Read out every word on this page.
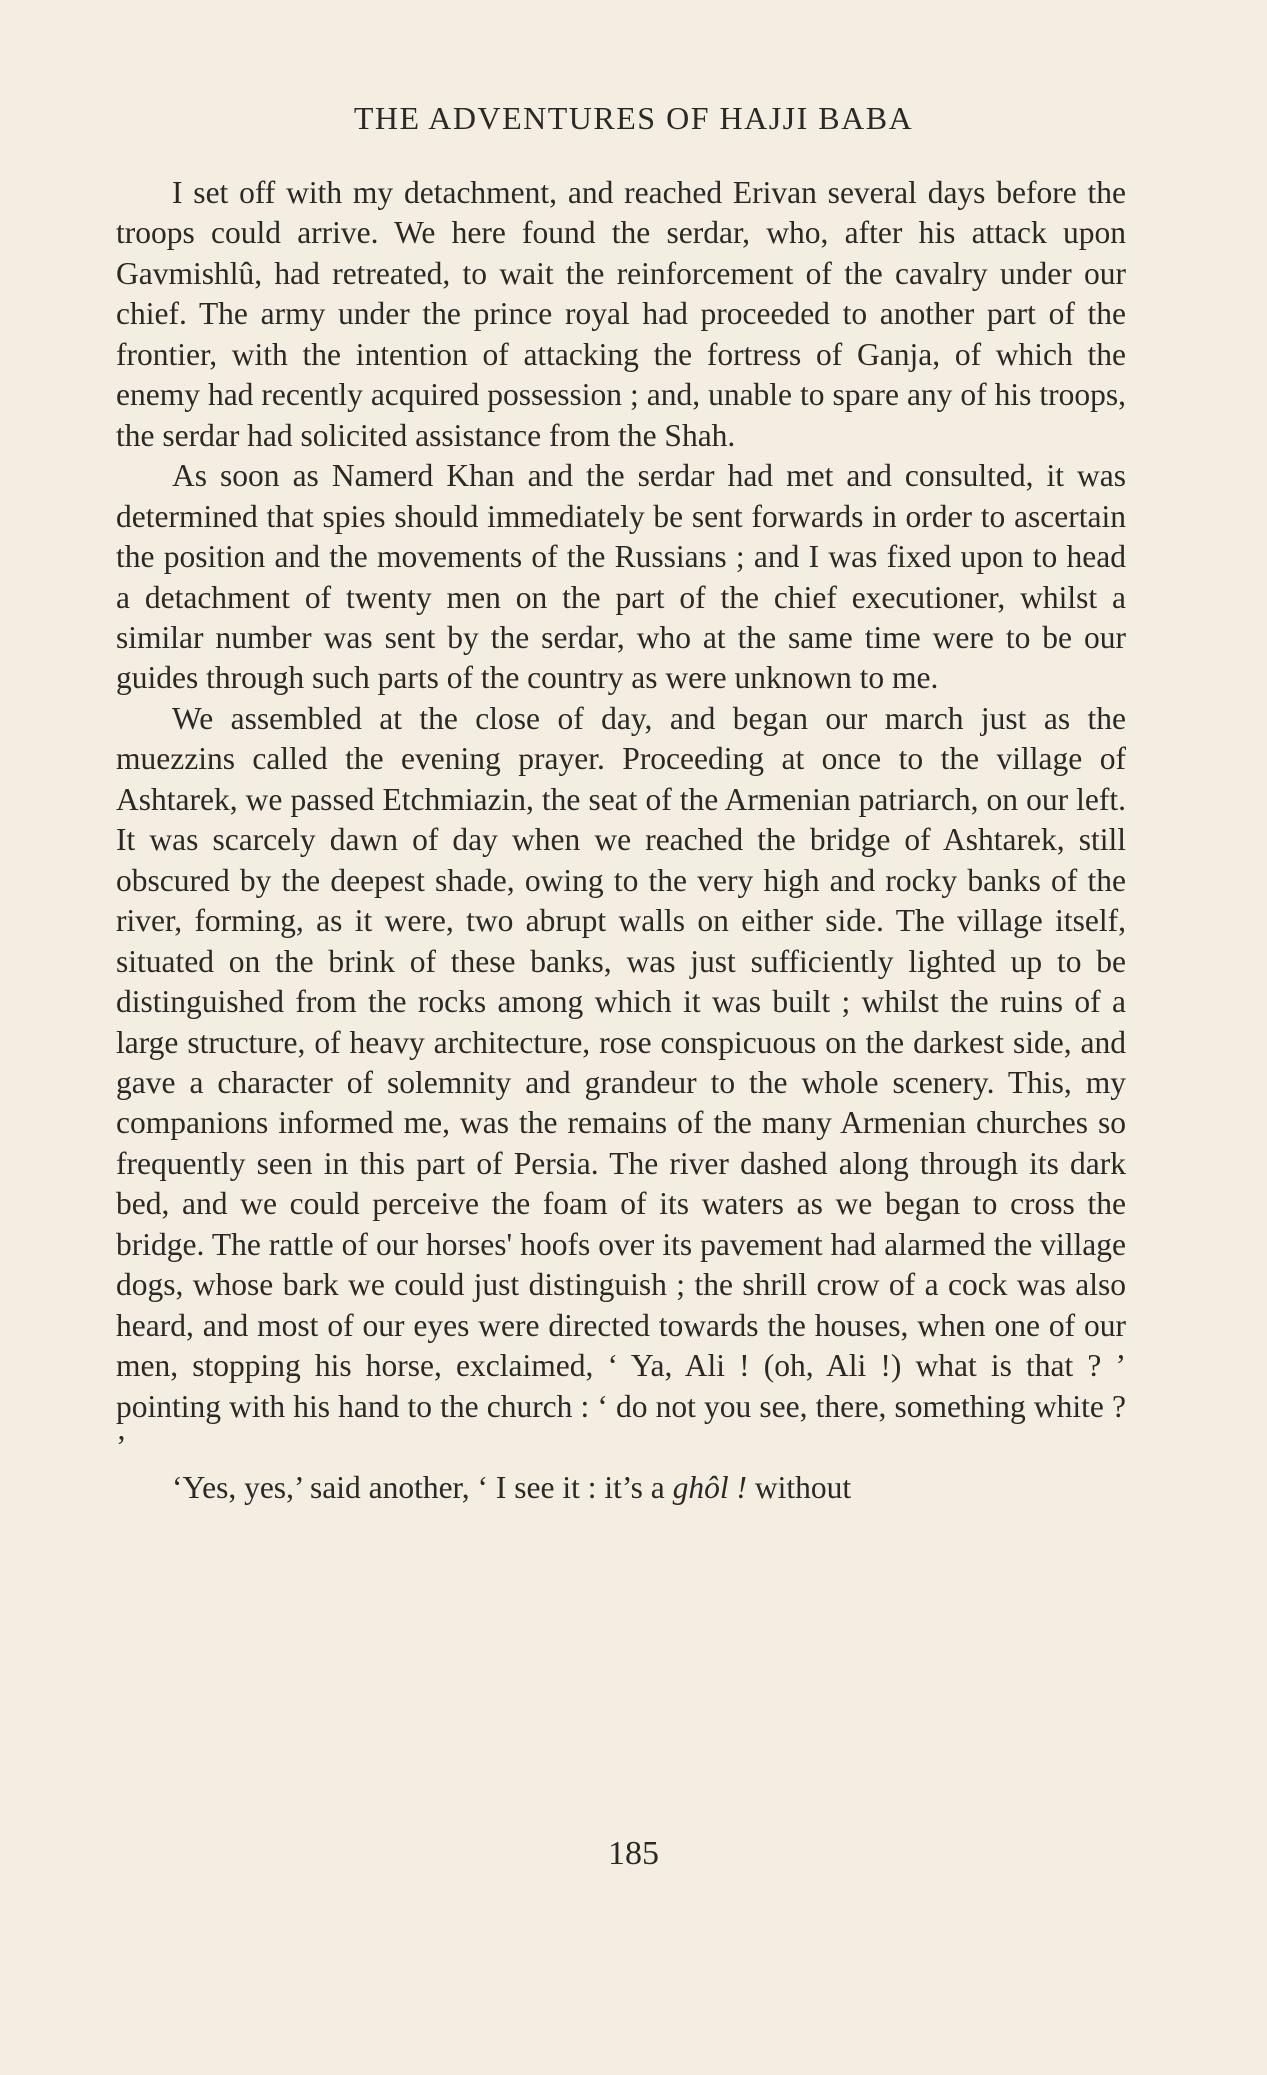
THE ADVENTURES OF HAJJI BABA

I set off with my detachment, and reached Erivan several days before the troops could arrive. We here found the serdar, who, after his attack upon Gavmishlû, had retreated, to wait the reinforcement of the cavalry under our chief. The army under the prince royal had proceeded to another part of the frontier, with the intention of attacking the fortress of Ganja, of which the enemy had recently acquired possession ; and, unable to spare any of his troops, the serdar had solicited assistance from the Shah.

As soon as Namerd Khan and the serdar had met and consulted, it was determined that spies should immediately be sent forwards in order to ascertain the position and the movements of the Russians ; and I was fixed upon to head a detachment of twenty men on the part of the chief executioner, whilst a similar number was sent by the serdar, who at the same time were to be our guides through such parts of the country as were unknown to me.

We assembled at the close of day, and began our march just as the muezzins called the evening prayer. Proceeding at once to the village of Ashtarek, we passed Etchmiazin, the seat of the Armenian patriarch, on our left. It was scarcely dawn of day when we reached the bridge of Ashtarek, still obscured by the deepest shade, owing to the very high and rocky banks of the river, forming, as it were, two abrupt walls on either side. The village itself, situated on the brink of these banks, was just sufficiently lighted up to be distinguished from the rocks among which it was built ; whilst the ruins of a large structure, of heavy architecture, rose conspicuous on the darkest side, and gave a character of solemnity and grandeur to the whole scenery. This, my companions informed me, was the remains of the many Armenian churches so frequently seen in this part of Persia. The river dashed along through its dark bed, and we could perceive the foam of its waters as we began to cross the bridge. The rattle of our horses' hoofs over its pavement had alarmed the village dogs, whose bark we could just distinguish ; the shrill crow of a cock was also heard, and most of our eyes were directed towards the houses, when one of our men, stopping his horse, exclaimed, ‘ Ya, Ali ! (oh, Ali !) what is that ? ’ pointing with his hand to the church : ‘ do not you see, there, something white ? ’

‘Yes, yes,’ said another, ‘ I see it : it’s a ghôl ! without

185
